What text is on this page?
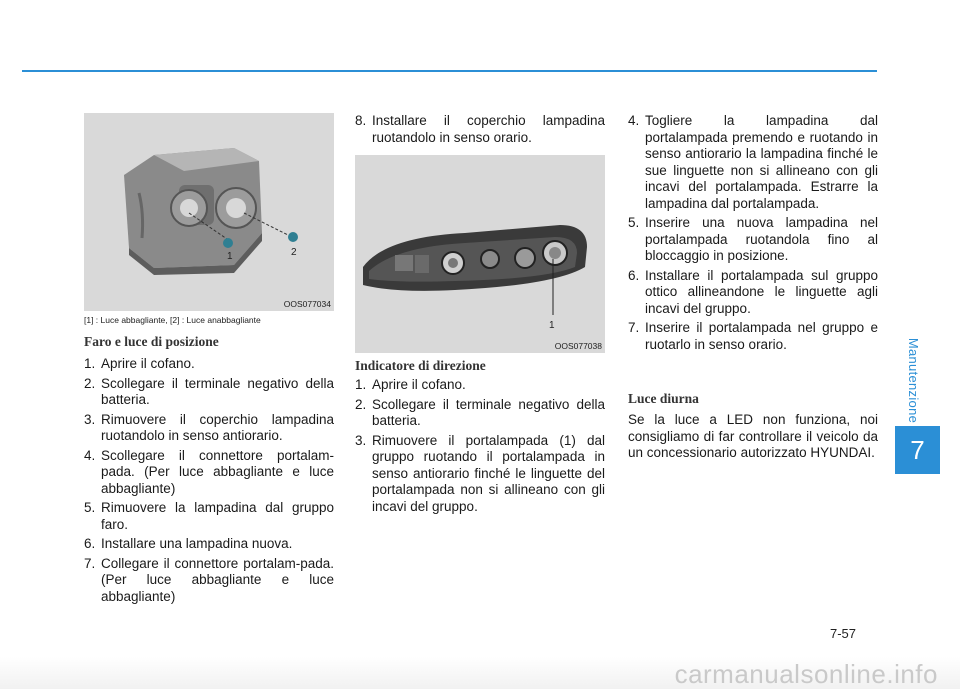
1	2
OOS077034
[1] : Luce abbagliante, [2] : Luce anabbagliante
Faro e luce di posizione
1. Aprire il cofano.
2. Scollegare il terminale negativo della batteria.
3. Rimuovere il coperchio lampadina ruotandolo in senso antiorario.
4. Scollegare il connettore portalam-pada. (Per luce abbagliante e luce abbagliante)
5. Rimuovere la lampadina dal gruppo faro.
6. Installare una lampadina nuova.
7. Collegare il connettore portalam-pada. (Per luce abbagliante e luce abbagliante)
8. Installare il coperchio lampadina ruotandolo in senso orario.
1
OOS077038
Indicatore di direzione
1. Aprire il cofano.
2. Scollegare il terminale negativo della batteria.
3. Rimuovere il portalampada (1) dal gruppo ruotando il portalampada in senso antiorario finché le linguette del portalampada non si allineano con gli incavi del gruppo.
4. Togliere la lampadina dal portalampada premendo e ruotando in senso antiorario la lampadina finché le sue linguette non si allineano con gli incavi del portalampada. Estrarre la lampadina dal portalampada.
5. Inserire una nuova lampadina nel portalampada ruotandola fino al bloccaggio in posizione.
6. Installare il portalampada sul gruppo ottico allineandone le linguette agli incavi del gruppo.
7. Inserire il portalampada nel gruppo e ruotarlo in senso orario.
Luce diurna

Se la luce a LED non funziona, noi consigliamo di far controllare il veicolo da un concessionario autorizzato HYUNDAI.

Manutenzione
7
7-57
carmanualsonline.info
